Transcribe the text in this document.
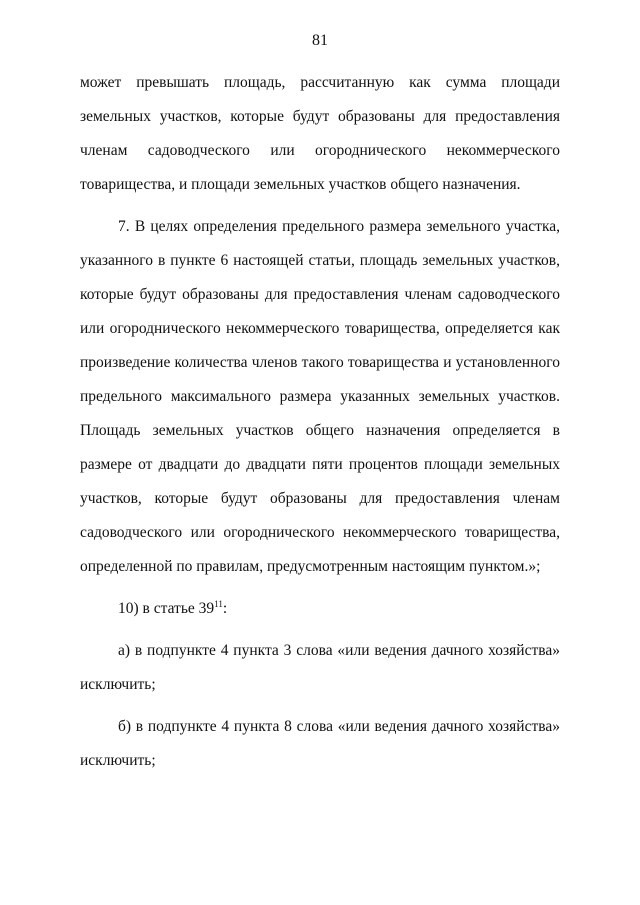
81

может превышать площадь, рассчитанную как сумма площади земельных участков, которые будут образованы для предоставления членам садоводческого или огороднического некоммерческого товарищества, и площади земельных участков общего назначения.

7. В целях определения предельного размера земельного участка, указанного в пункте 6 настоящей статьи, площадь земельных участков, которые будут образованы для предоставления членам садоводческого или огороднического некоммерческого товарищества, определяется как произведение количества членов такого товарищества и установленного предельного максимального размера указанных земельных участков. Площадь земельных участков общего назначения определяется в размере от двадцати до двадцати пяти процентов площади земельных участков, которые будут образованы для предоставления членам садоводческого или огороднического некоммерческого товарищества, определенной по правилам, предусмотренным настоящим пунктом.»;

10) в статье $39^{11}$:

а) в подпункте 4 пункта 3 слова «или ведения дачного хозяйства» исключить;

б) в подпункте 4 пункта 8 слова «или ведения дачного хозяйства» исключить;
